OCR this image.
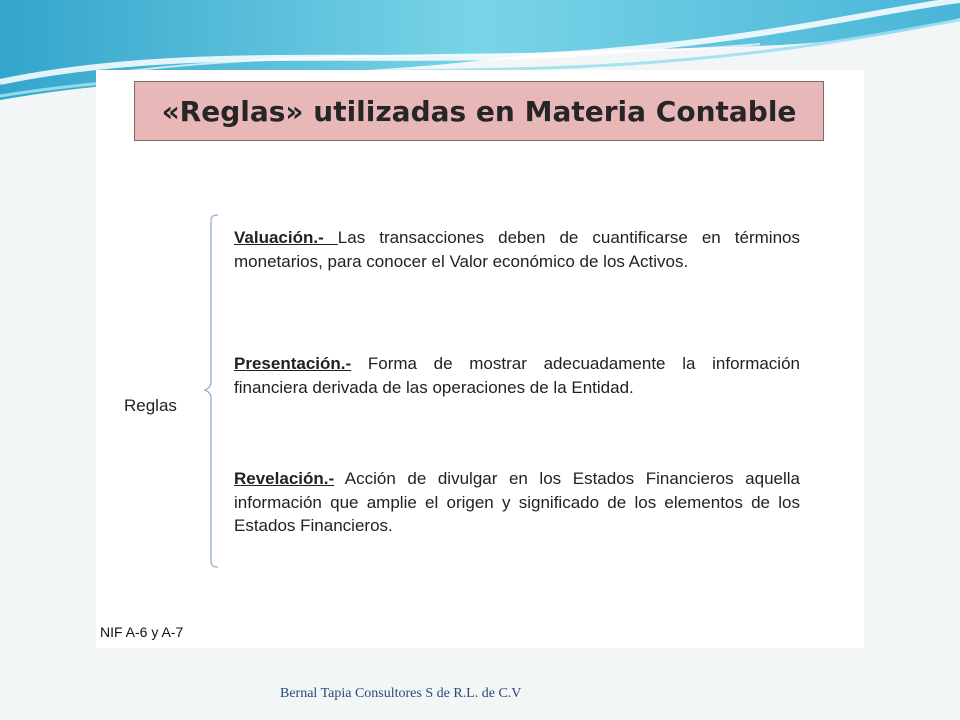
«Reglas» utilizadas en Materia Contable
Reglas
Valuación.- Las transacciones deben de cuantificarse en términos monetarios, para conocer el Valor económico de los Activos.
Presentación.- Forma de mostrar adecuadamente la información financiera derivada de las operaciones de la Entidad.
Revelación.- Acción de divulgar en los Estados Financieros aquella información que amplie el origen y significado de los elementos de los Estados Financieros.
NIF A-6 y A-7
Bernal Tapia Consultores S de R.L. de C.V
